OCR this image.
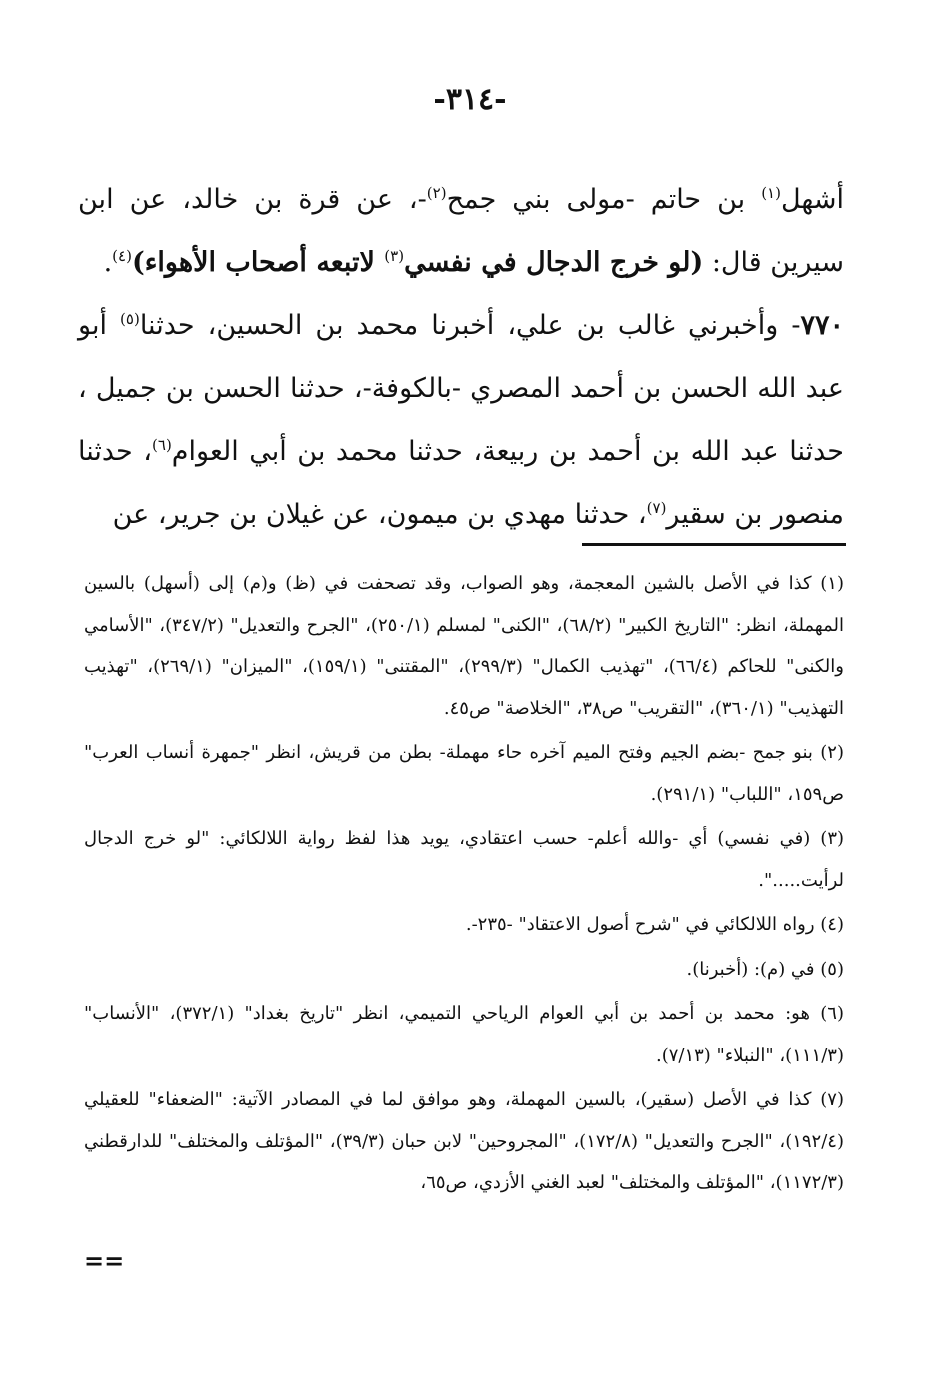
-٣١٤-

أشهل$^{(١)}$ بن حاتم -مولى بني جمح$^{(٢)}$-، عن قرة بن خالد، عن ابن سيرين قال: (لو خرج الدجال في نفسي$^{(٣)}$ لاتبعه أصحاب الأهواء)$^{(٤)}$.

٧٧٠- وأخبرني غالب بن علي، أخبرنا محمد بن الحسين، حدثنا$^{(٥)}$ أبو عبد الله الحسن بن أحمد المصري -بالكوفة-، حدثنا الحسن بن جميل ، حدثنا عبد الله بن أحمد بن ربيعة، حدثنا محمد بن أبي العوام$^{(٦)}$، حدثنا منصور بن سقير$^{(٧)}$، حدثنا مهدي بن ميمون، عن غيلان بن جرير، عن

(١) كذا في الأصل بالشين المعجمة، وهو الصواب، وقد تصحفت في (ظ) و(م) إلى (أسهل) بالسين المهملة، انظر: "التاريخ الكبير" (٦٨/٢)، "الكنى" لمسلم (٢٥٠/١)، "الجرح والتعديل" (٣٤٧/٢)، "الأسامي والكنى" للحاكم (٦٦/٤)، "تهذيب الكمال" (٢٩٩/٣)، "المقتنى" (١٥٩/١)، "الميزان" (٢٦٩/١)، "تهذيب التهذيب" (٣٦٠/١)، "التقريب" ص٣٨، "الخلاصة" ص٤٥.

(٢) بنو جمح -بضم الجيم وفتح الميم آخره حاء مهملة- بطن من قريش، انظر "جمهرة أنساب العرب" ص١٥٩، "اللباب" (٢٩١/١).

(٣) (في نفسي) أي -والله أعلم- حسب اعتقادي، يويد هذا لفظ رواية اللالكائي: "لو خرج الدجال لرأيت.....".

(٤) رواه اللالكائي في "شرح أصول الاعتقاد" -٢٣٥-.

(٥) في (م): (أخبرنا).

(٦) هو: محمد بن أحمد بن أبي العوام الرياحي التميمي، انظر "تاريخ بغداد" (٣٧٢/١)، "الأنساب" (١١١/٣)، "النبلاء" (٧/١٣).

(٧) كذا في الأصل (سقير)، بالسين المهملة، وهو موافق لما في المصادر الآتية: "الضعفاء" للعقيلي (١٩٢/٤)، "الجرح والتعديل" (١٧٢/٨)، "المجروحين" لابن حبان (٣٩/٣)، "المؤتلف والمختلف" للدارقطني (١١٧٢/٣)، "المؤتلف والمختلف" لعبد الغني الأزدي، ص٦٥،

==
